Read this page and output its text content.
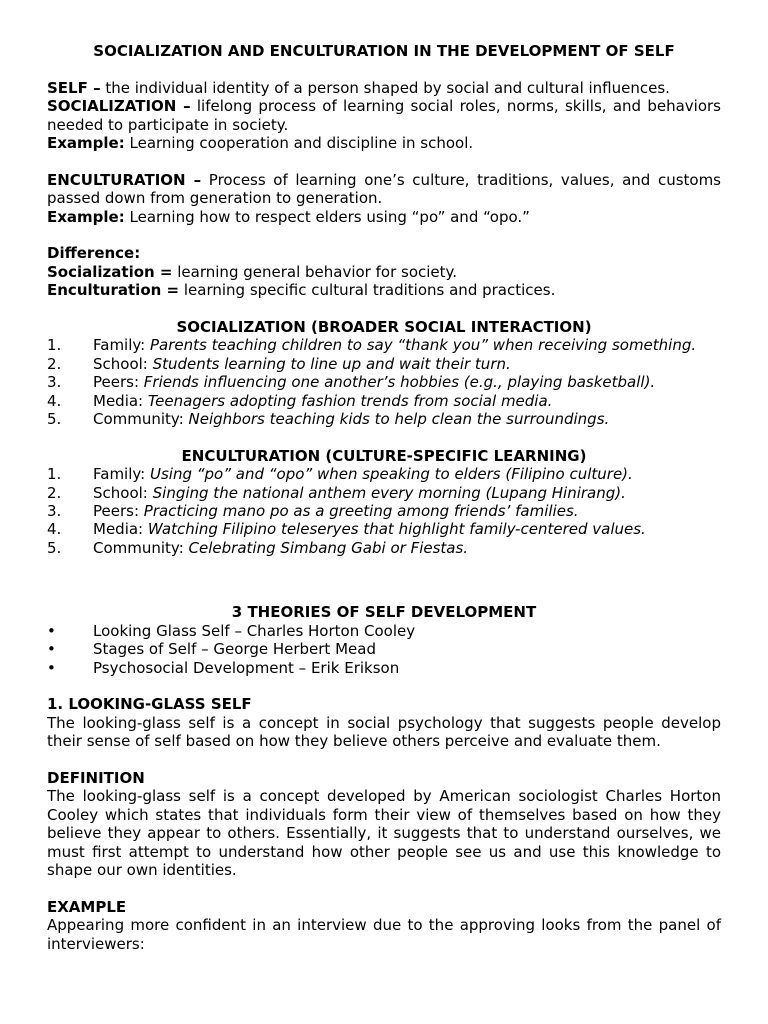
SOCIALIZATION AND ENCULTURATION IN THE DEVELOPMENT OF SELF

SELF – the individual identity of a person shaped by social and cultural influences.

SOCIALIZATION – lifelong process of learning social roles, norms, skills, and behaviors needed to participate in society.

Example: Learning cooperation and discipline in school.

ENCULTURATION – Process of learning one’s culture, traditions, values, and customs passed down from generation to generation.

Example: Learning how to respect elders using “po” and “opo.”

Difference:

Socialization = learning general behavior for society.

Enculturation = learning specific cultural traditions and practices.

SOCIALIZATION (BROADER SOCIAL INTERACTION)

1. Family: Parents teaching children to say “thank you” when receiving something.
2. School: Students learning to line up and wait their turn.
3. Peers: Friends influencing one another’s hobbies (e.g., playing basketball).
4. Media: Teenagers adopting fashion trends from social media.
5. Community: Neighbors teaching kids to help clean the surroundings.

ENCULTURATION (CULTURE-SPECIFIC LEARNING)

1. Family: Using “po” and “opo” when speaking to elders (Filipino culture).
2. School: Singing the national anthem every morning (Lupang Hinirang).
3. Peers: Practicing mano po as a greeting among friends’ families.
4. Media: Watching Filipino teleseryes that highlight family-centered values.
5. Community: Celebrating Simbang Gabi or Fiestas.

3 THEORIES OF SELF DEVELOPMENT

• Looking Glass Self – Charles Horton Cooley
• Stages of Self – George Herbert Mead
• Psychosocial Development – Erik Erikson

1. LOOKING-GLASS SELF

The looking-glass self is a concept in social psychology that suggests people develop their sense of self based on how they believe others perceive and evaluate them.

DEFINITION

The looking-glass self is a concept developed by American sociologist Charles Horton Cooley which states that individuals form their view of themselves based on how they believe they appear to others. Essentially, it suggests that to understand ourselves, we must first attempt to understand how other people see us and use this knowledge to shape our own identities.

EXAMPLE

Appearing more confident in an interview due to the approving looks from the panel of interviewers:
